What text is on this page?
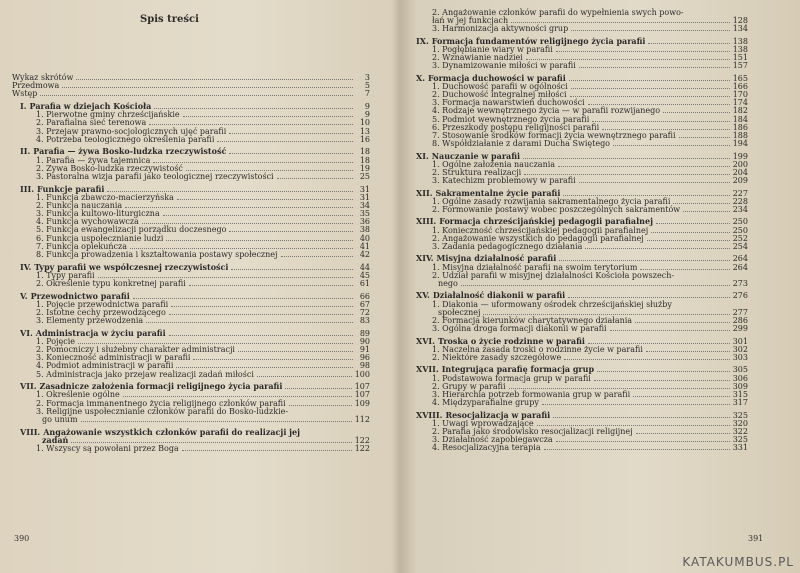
Spis treści
390
Wykaz skrótów	3
Przedmowa	5
Wstęp	7
I. Parafia w dziejach Kościoła	9
1. Pierwotne gminy chrześcijańskie	9
2. Parafialna sieć terenowa	10
3. Przejaw prawno-socjologicznych ujęć parafii	13
4. Potrzeba teologicznego określenia parafii	16
II. Parafia — żywa Bosko-ludzka rzeczywistość	18
1. Parafia — żywa tajemnica	18
2. Żywa Bosko-ludzka rzeczywistość	19
3. Pastoralna wizja parafii jako teologicznej rzeczywistości	25
III. Funkcje parafii	31
1. Funkcja zbawczo-macierzyńska	31
2. Funkcja nauczania	34
3. Funkcja kultowo-liturgiczna	35
4. Funkcja wychowawcza	36
5. Funkcja ewangelizacji porządku doczesnego	38
6. Funkcja uspołecznianie ludzi	40
7. Funkcja opiekuńcza	41
8. Funkcja prowadzenia i kształtowania postawy społecznej	42
IV. Typy parafii we współczesnej rzeczywistości	44
1. Typy parafii	45
2. Określenie typu konkretnej parafii	61
V. Przewodnictwo parafii	66
1. Pojęcie przewodnictwa parafii	67
2. Istotne cechy przewodzącego	72
3. Elementy przewodzenia	83
VI. Administracja w życiu parafii	89
1. Pojęcie	90
2. Pomocniczy i służebny charakter administracji	91
3. Konieczność administracji w parafii	96
4. Podmiot administracji w parafii	98
5. Administracja jako przejaw realizacji zadań miłości	100
VII. Zasadnicze założenia formacji religijnego życia parafii	107
1. Określenie ogólne	107
2. Formacja immanentnego życia religijnego członków parafii	109
3. Religijne uspołecznianie członków parafii do Bosko-ludzkie-
go unum	112
VIII. Angażowanie wszystkich członków parafii do realizacji jej
zadań	122
1. Wszyscy są powołani przez Boga	122
391
2. Angażowanie członków parafii do wypełnienia swych powo-
łań w jej funkcjach	128
3. Harmonizacja aktywności grup	134
IX. Formacja fundamentów religijnego życia parafii	138
1. Pogłębianie wiary w parafii	138
2. Wznawianie nadziei	151
3. Dynamizowanie miłości w parafii	157
X. Formacja duchowości w parafii	165
1. Duchowość parafii w ogólności	166
2. Duchowość integralnej miłości	170
3. Formacja nawarstwień duchowości	174
4. Rodzaje wewnętrznego życia — w parafii rozwijanego	182
5. Podmiot wewnętrznego życia parafii	184
6. Przeszkody postępu religijności parafii	186
7. Stosowanie środków formacji życia wewnętrznego parafii	188
8. Współdziałanie z darami Ducha Świętego	194
XI. Nauczanie w parafii	199
1. Ogólne założenia nauczania	200
2. Struktura realizacji	204
3. Katechizm problemowy w parafii	209
XII. Sakramentalne życie parafii	227
1. Ogólne zasady rozwijania sakramentalnego życia parafii	228
2. Formowanie postawy wobec poszczególnych sakramentów	234
XIII. Formacja chrześcijańskiej pedagogii parafialnej	250
1. Konieczność chrześcijańskiej pedagogii parafialnej	250
2. Angażowanie wszystkich do pedagogii parafialnej	252
3. Zadania pedagogicznego działania	254
XIV. Misyjna działalność parafii	264
1. Misyjna działalność parafii na swoim terytorium	264
2. Udział parafii w misyjnej działalności Kościoła powszech-
nego	273
XV. Działalność diakonii w parafii	276
1. Diakonia — uformowany ośrodek chrześcijańskiej służby
społecznej	277
2. Formacja kierunków charytatywnego działania	286
3. Ogólna droga formacji diakonii w parafii	299
XVI. Troska o życie rodzinne w parafii	301
1. Naczelna zasada troski o rodzinne życie w parafii	302
2. Niektóre zasady szczegółowe	303
XVII. Integrująca parafię formacja grup	305
1. Podstawowa formacja grup w parafii	306
2. Grupy w parafii	309
3. Hierarchia potrzeb formowania grup w parafii	315
4. Międzyparafialne grupy	317
XVIII. Resocjalizacja w parafii	325
1. Uwagi wprowadzające	320
2. Parafia jako środowisko resocjalizacji religijnej	322
3. Działalność zapobiegawcza	325
4. Resocjalizacyjna terapia	331
KATAKUMBUS.PL
